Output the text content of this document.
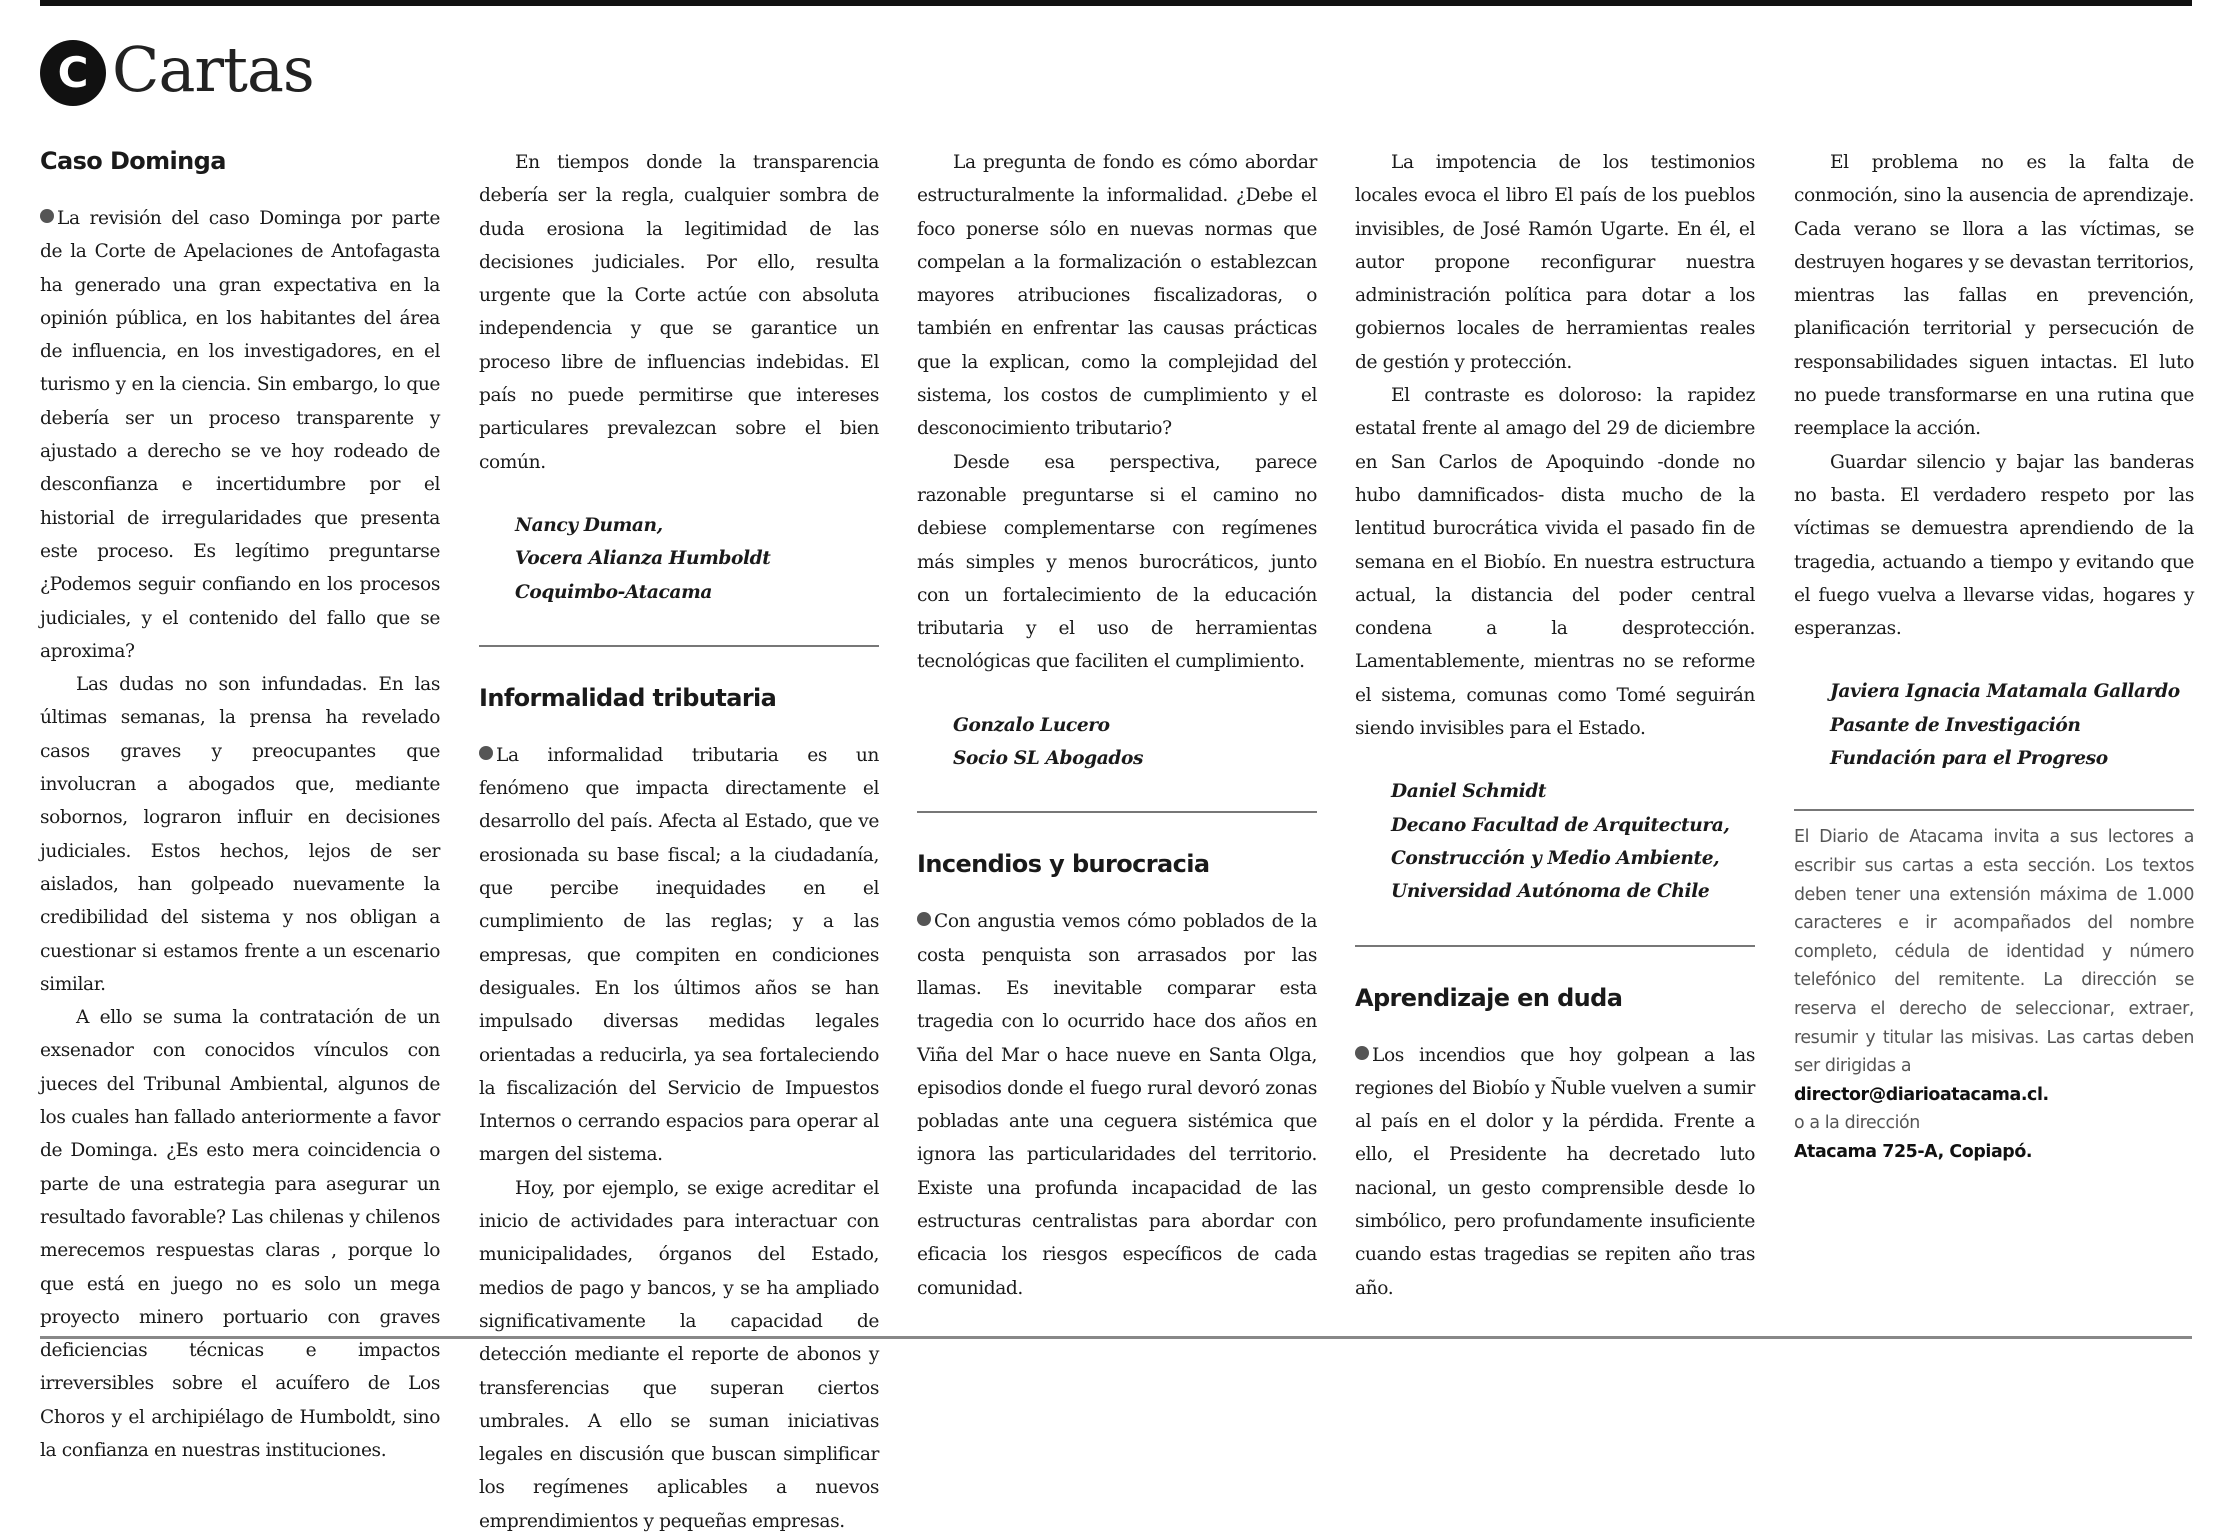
C Cartas
Caso Dominga

La revisión del caso Dominga por parte de la Corte de Apelaciones de Antofagasta ha generado una gran expectativa en la opinión pública, en los habitantes del área de influencia, en los investigadores, en el turismo y en la ciencia. Sin embargo, lo que debería ser un proceso transparente y ajustado a derecho se ve hoy rodeado de desconfianza e incertidumbre por el historial de irregularidades que presenta este proceso. Es legítimo preguntarse ¿Podemos seguir confiando en los procesos judiciales, y el contenido del fallo que se aproxima?

Las dudas no son infundadas. En las últimas semanas, la prensa ha revelado casos graves y preocupantes que involucran a abogados que, mediante sobornos, lograron influir en decisiones judiciales. Estos hechos, lejos de ser aislados, han golpeado nuevamente la credibilidad del sistema y nos obligan a cuestionar si estamos frente a un escenario similar.

A ello se suma la contratación de un exsenador con conocidos vínculos con jueces del Tribunal Ambiental, algunos de los cuales han fallado anteriormente a favor de Dominga. ¿Es esto mera coincidencia o parte de una estrategia para asegurar un resultado favorable? Las chilenas y chilenos merecemos respuestas claras , porque lo que está en juego no es solo un mega proyecto minero portuario con graves deficiencias técnicas e impactos irreversibles sobre el acuífero de Los Choros y el archipiélago de Humboldt, sino la confianza en nuestras instituciones.

En tiempos donde la transparencia debería ser la regla, cualquier sombra de duda erosiona la legitimidad de las decisiones judiciales. Por ello, resulta urgente que la Corte actúe con absoluta independencia y que se garantice un proceso libre de influencias indebidas. El país no puede permitirse que intereses particulares prevalezcan sobre el bien común.

Nancy Duman,

Vocera Alianza Humboldt

Coquimbo-Atacama

Informalidad tributaria

La informalidad tributaria es un fenómeno que impacta directamente el desarrollo del país. Afecta al Estado, que ve erosionada su base fiscal; a la ciudadanía, que percibe inequidades en el cumplimiento de las reglas; y a las empresas, que compiten en condiciones desiguales. En los últimos años se han impulsado diversas medidas legales orientadas a reducirla, ya sea fortaleciendo la fiscalización del Servicio de Impuestos Internos o cerrando espacios para operar al margen del sistema.

Hoy, por ejemplo, se exige acreditar el inicio de actividades para interactuar con municipalidades, órganos del Estado, medios de pago y bancos, y se ha ampliado significativamente la capacidad de detección mediante el reporte de abonos y transferencias que superan ciertos umbrales. A ello se suman iniciativas legales en discusión que buscan simplificar los regímenes aplicables a nuevos emprendimientos y pequeñas empresas.

La pregunta de fondo es cómo abordar estructuralmente la informalidad. ¿Debe el foco ponerse sólo en nuevas normas que compelan a la formalización o establezcan mayores atribuciones fiscalizadoras, o también en enfrentar las causas prácticas que la explican, como la complejidad del sistema, los costos de cumplimiento y el desconocimiento tributario?

Desde esa perspectiva, parece razonable preguntarse si el camino no debiese complementarse con regímenes más simples y menos burocráticos, junto con un fortalecimiento de la educación tributaria y el uso de herramientas tecnológicas que faciliten el cumplimiento.

Gonzalo Lucero

Socio SL Abogados

Incendios y burocracia

Con angustia vemos cómo poblados de la costa penquista son arrasados por las llamas. Es inevitable comparar esta tragedia con lo ocurrido hace dos años en Viña del Mar o hace nueve en Santa Olga, episodios donde el fuego rural devoró zonas pobladas ante una ceguera sistémica que ignora las particularidades del territorio. Existe una profunda incapacidad de las estructuras centralistas para abordar con eficacia los riesgos específicos de cada comunidad.

La impotencia de los testimonios locales evoca el libro El país de los pueblos invisibles, de José Ramón Ugarte. En él, el autor propone reconfigurar nuestra administración política para dotar a los gobiernos locales de herramientas reales de gestión y protección.

El contraste es doloroso: la rapidez estatal frente al amago del 29 de diciembre en San Carlos de Apoquindo -donde no hubo damnificados- dista mucho de la lentitud burocrática vivida el pasado fin de semana en el Biobío. En nuestra estructura actual, la distancia del poder central condena a la desprotección. Lamentablemente, mientras no se reforme el sistema, comunas como Tomé seguirán siendo invisibles para el Estado.

Daniel Schmidt

Decano Facultad de Arquitectura,

Construcción y Medio Ambiente,

Universidad Autónoma de Chile

Aprendizaje en duda

Los incendios que hoy golpean a las regiones del Biobío y Ñuble vuelven a sumir al país en el dolor y la pérdida. Frente a ello, el Presidente ha decretado luto nacional, un gesto comprensible desde lo simbólico, pero profundamente insuficiente cuando estas tragedias se repiten año tras año.

El problema no es la falta de conmoción, sino la ausencia de aprendizaje. Cada verano se llora a las víctimas, se destruyen hogares y se devastan territorios, mientras las fallas en prevención, planificación territorial y persecución de responsabilidades siguen intactas. El luto no puede transformarse en una rutina que reemplace la acción.

Guardar silencio y bajar las banderas no basta. El verdadero respeto por las víctimas se demuestra aprendiendo de la tragedia, actuando a tiempo y evitando que el fuego vuelva a llevarse vidas, hogares y esperanzas.

Javiera Ignacia Matamala Gallardo

Pasante de Investigación

Fundación para el Progreso

El Diario de Atacama invita a sus lectores a escribir sus cartas a esta sección. Los textos deben tener una extensión máxima de 1.000 caracteres e ir acompañados del nombre completo, cédula de identidad y número telefónico del remitente. La dirección se reserva el derecho de seleccionar, extraer, resumir y titular las misivas. Las cartas deben ser dirigidas a
director@diarioatacama.cl.
o a la dirección
Atacama 725-A, Copiapó.
